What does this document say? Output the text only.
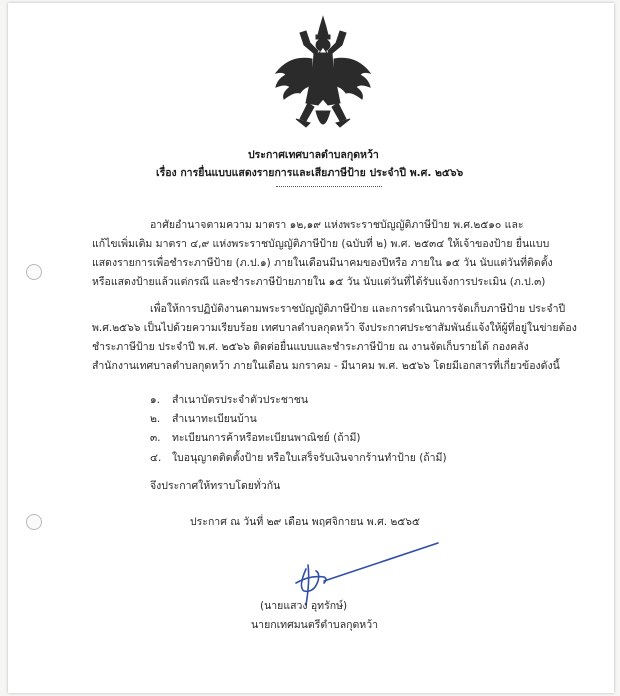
ประกาศเทศบาลตำบลกุดหว้า
เรื่อง การยื่นแบบแสดงรายการและเสียภาษีป้าย ประจำปี พ.ศ. ๒๕๖๖
อาศัยอำนาจตามความ มาตรา ๑๒,๑๙ แห่งพระราชบัญญัติภาษีป้าย พ.ศ.๒๕๑๐ และ
แก้ไขเพิ่มเติม มาตรา ๔,๙ แห่งพระราชบัญญัติภาษีป้าย (ฉบับที่ ๒) พ.ศ. ๒๕๓๔ ให้เจ้าของป้าย ยื่นแบบ
แสดงรายการเพื่อชำระภาษีป้าย (ภ.ป.๑) ภายในเดือนมีนาคมของปีหรือ ภายใน ๑๕ วัน นับแต่วันที่ติดตั้ง
หรือแสดงป้ายแล้วแต่กรณี และชำระภาษีป้ายภายใน ๑๕ วัน นับแต่วันที่ได้รับแจ้งการประเมิน (ภ.ป.๓)
เพื่อให้การปฏิบัติงานตามพระราชบัญญัติภาษีป้าย และการดำเนินการจัดเก็บภาษีป้าย ประจำปี
พ.ศ.๒๕๖๖ เป็นไปด้วยความเรียบร้อย เทศบาลตำบลกุดหว้า จึงประกาศประชาสัมพันธ์แจ้งให้ผู้ที่อยู่ในข่ายต้อง
ชำระภาษีป้าย ประจำปี พ.ศ. ๒๕๖๖ ติดต่อยื่นแบบและชำระภาษีป้าย ณ งานจัดเก็บรายได้ กองคลัง
สำนักงานเทศบาลตำบลกุดหว้า ภายในเดือน มกราคม - มีนาคม พ.ศ. ๒๕๖๖ โดยมีเอกสารที่เกี่ยวข้องดังนี้
๑. สำเนาบัตรประจำตัวประชาชน
๒. สำเนาทะเบียนบ้าน
๓. ทะเบียนการค้าหรือทะเบียนพาณิชย์ (ถ้ามี)
๔. ใบอนุญาตติดตั้งป้าย หรือใบเสร็จรับเงินจากร้านทำป้าย (ถ้ามี)
จึงประกาศให้ทราบโดยทั่วกัน
ประกาศ ณ วันที่ ๒๙ เดือน พฤศจิกายน พ.ศ. ๒๕๖๕
(นายแสวง อุทรักษ์)
นายกเทศมนตรีตำบลกุดหว้า
